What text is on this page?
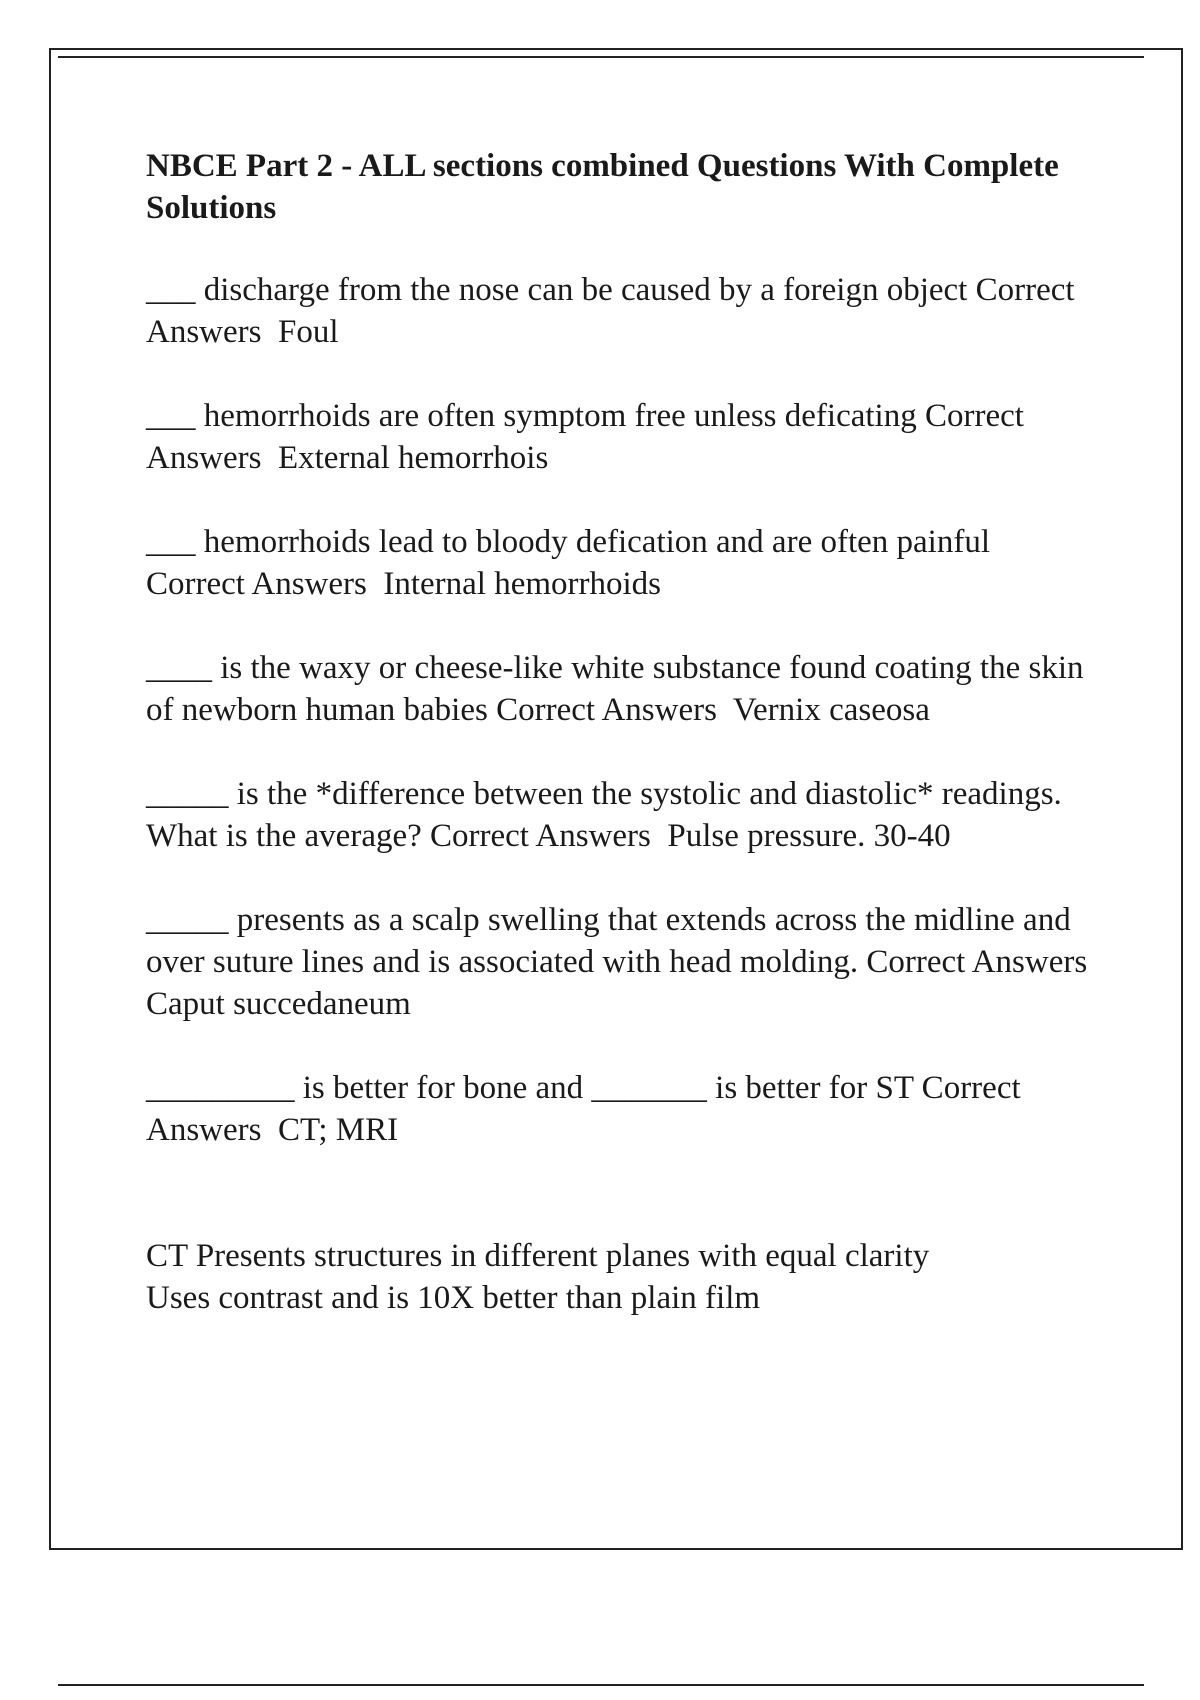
NBCE Part 2 - ALL sections combined Questions With Complete Solutions
___ discharge from the nose can be caused by a foreign object Correct Answers  Foul
___ hemorrhoids are often symptom free unless deficating Correct Answers  External hemorrhois
___ hemorrhoids lead to bloody defication and are often painful Correct Answers  Internal hemorrhoids
____ is the waxy or cheese-like white substance found coating the skin of newborn human babies Correct Answers  Vernix caseosa
_____ is the *difference between the systolic and diastolic* readings. What is the average? Correct Answers  Pulse pressure. 30-40
_____ presents as a scalp swelling that extends across the midline and over suture lines and is associated with head molding. Correct Answers  Caput succedaneum
_________ is better for bone and _______ is better for ST Correct Answers  CT; MRI
CT Presents structures in different planes with equal clarity
Uses contrast and is 10X better than plain film
